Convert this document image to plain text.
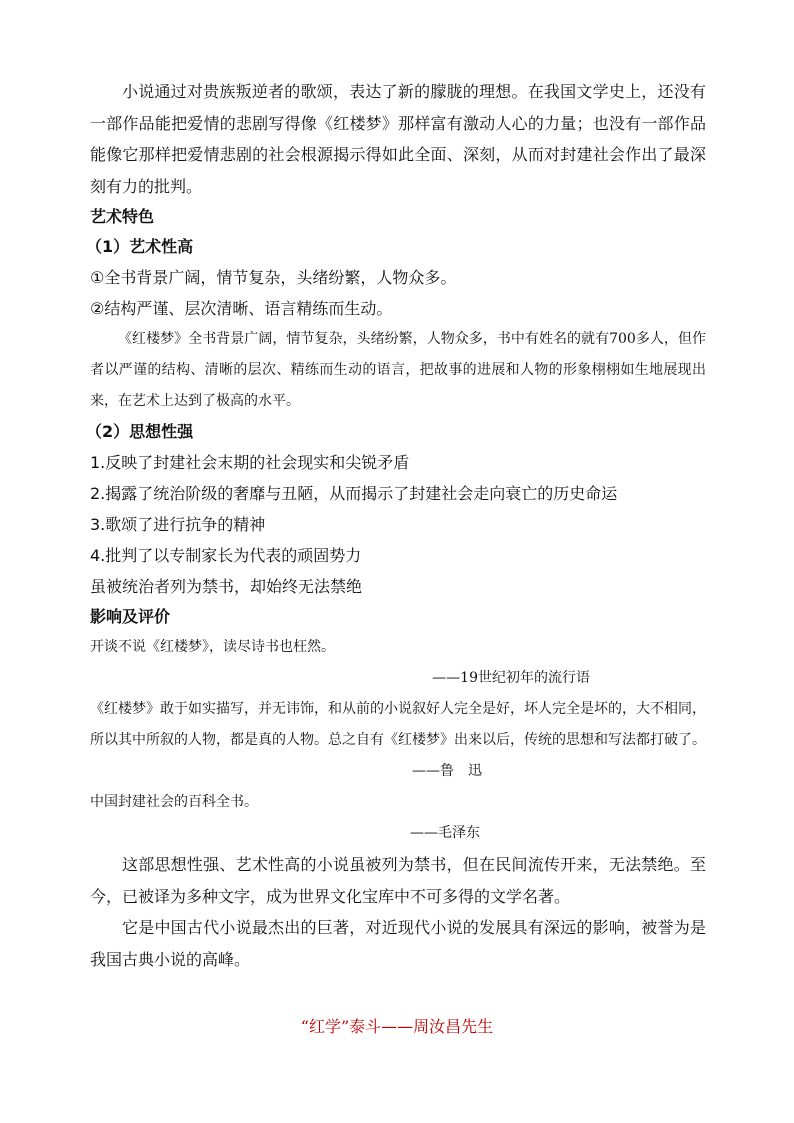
小说通过对贵族叛逆者的歌颂，表达了新的朦胧的理想。在我国文学史上，还没有一部作品能把爱情的悲剧写得像《红楼梦》那样富有激动人心的力量；也没有一部作品能像它那样把爱情悲剧的社会根源揭示得如此全面、深刻，从而对封建社会作出了最深刻有力的批判。

艺术特色

（1）艺术性高

①全书背景广阔，情节复杂，头绪纷繁，人物众多。

②结构严谨、层次清晰、语言精练而生动。

《红楼梦》全书背景广阔，情节复杂，头绪纷繁，人物众多，书中有姓名的就有700多人，但作者以严谨的结构、清晰的层次、精练而生动的语言，把故事的进展和人物的形象栩栩如生地展现出来，在艺术上达到了极高的水平。

（2）思想性强

1.反映了封建社会末期的社会现实和尖锐矛盾

2.揭露了统治阶级的奢靡与丑陋，从而揭示了封建社会走向衰亡的历史命运

3.歌颂了进行抗争的精神

4.批判了以专制家长为代表的顽固势力

虽被统治者列为禁书，却始终无法禁绝

影响及评价

开谈不说《红楼梦》，读尽诗书也枉然。

——19世纪初年的流行语

《红楼梦》敢于如实描写，并无讳饰，和从前的小说叙好人完全是好，坏人完全是坏的，大不相同，所以其中所叙的人物，都是真的人物。总之自有《红楼梦》出来以后，传统的思想和写法都打破了。

——鲁　迅

中国封建社会的百科全书。

——毛泽东

这部思想性强、艺术性高的小说虽被列为禁书，但在民间流传开来，无法禁绝。至今，已被译为多种文字，成为世界文化宝库中不可多得的文学名著。

它是中国古代小说最杰出的巨著，对近现代小说的发展具有深远的影响，被誉为是我国古典小说的高峰。

“红学”泰斗——周汝昌先生
